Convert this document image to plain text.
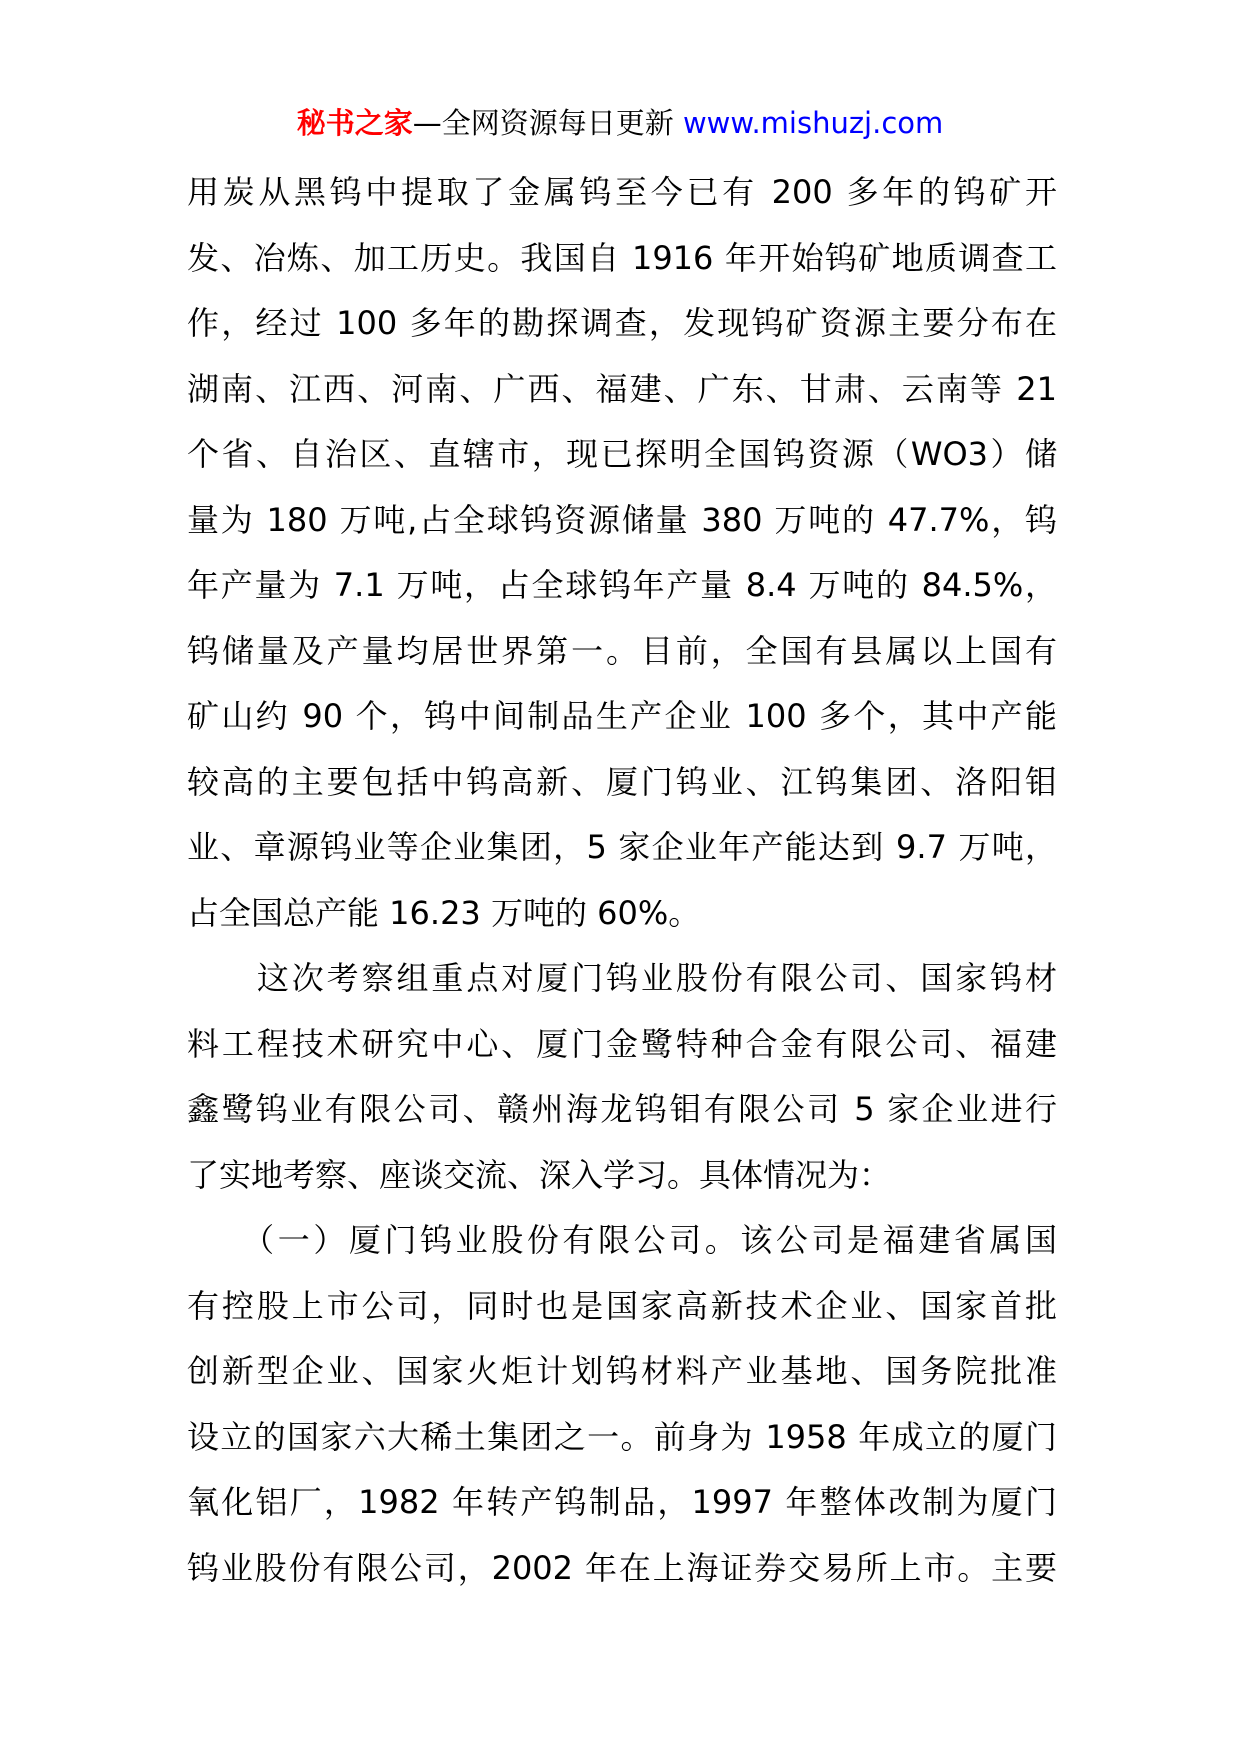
秘书之家—全网资源每日更新 www.mishuzj.com
用炭从黑钨中提取了金属钨至今已有 200 多年的钨矿开
发、冶炼、加工历史。我国自 1916 年开始钨矿地质调查工
作，经过 100 多年的勘探调查，发现钨矿资源主要分布在
湖南、江西、河南、广西、福建、广东、甘肃、云南等 21
个省、自治区、直辖市，现已探明全国钨资源（WO3）储
量为 180 万吨,占全球钨资源储量 380 万吨的 47.7%，钨
年产量为 7.1 万吨，占全球钨年产量 8.4 万吨的 84.5%，
钨储量及产量均居世界第一。目前，全国有县属以上国有
矿山约 90 个，钨中间制品生产企业 100 多个，其中产能
较高的主要包括中钨高新、厦门钨业、江钨集团、洛阳钼
业、章源钨业等企业集团，5 家企业年产能达到 9.7 万吨，
占全国总产能 16.23 万吨的 60%。
　　这次考察组重点对厦门钨业股份有限公司、国家钨材
料工程技术研究中心、厦门金鹭特种合金有限公司、福建
鑫鹭钨业有限公司、赣州海龙钨钼有限公司 5 家企业进行
了实地考察、座谈交流、深入学习。具体情况为：
　　（一）厦门钨业股份有限公司。该公司是福建省属国
有控股上市公司，同时也是国家高新技术企业、国家首批
创新型企业、国家火炬计划钨材料产业基地、国务院批准
设立的国家六大稀土集团之一。前身为 1958 年成立的厦门
氧化铝厂，1982 年转产钨制品，1997 年整体改制为厦门
钨业股份有限公司，2002 年在上海证券交易所上市。主要
